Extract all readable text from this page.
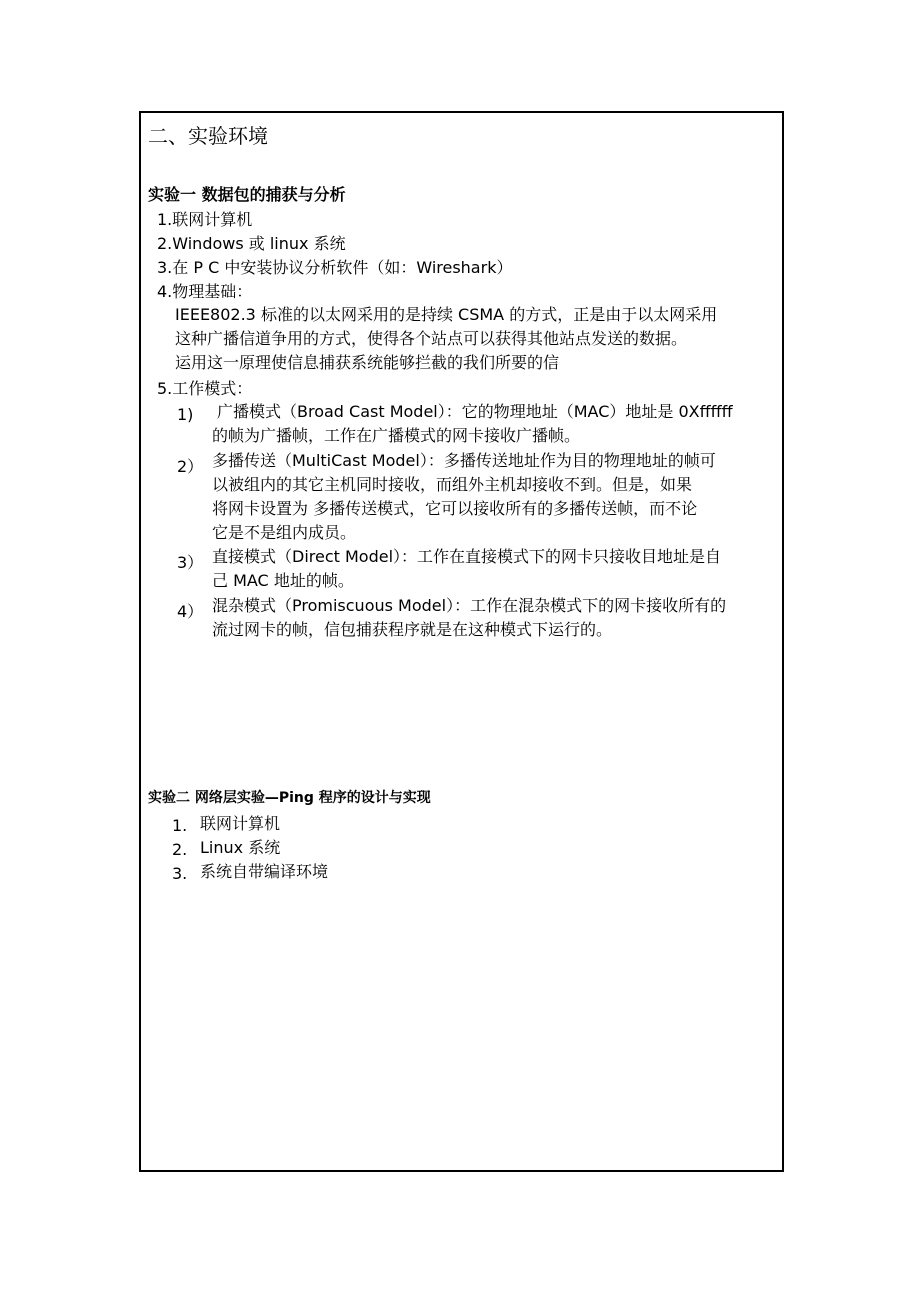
二、实验环境
实验一 数据包的捕获与分析
1.联网计算机
2.Windows 或 linux 系统
3.在 P C 中安装协议分析软件（如：Wireshark）
4.物理基础：
IEEE802.3 标准的以太网采用的是持续 CSMA 的方式，正是由于以太网采用
这种广播信道争用的方式，使得各个站点可以获得其他站点发送的数据。
运用这一原理使信息捕获系统能够拦截的我们所要的信
5.工作模式：
1) 广播模式（Broad Cast Model）：它的物理地址（MAC）地址是 0Xffffff
的帧为广播帧，工作在广播模式的网卡接收广播帧。
2） 多播传送（MultiCast Model）：多播传送地址作为目的物理地址的帧可
以被组内的其它主机同时接收，而组外主机却接收不到。但是，如果
将网卡设置为 多播传送模式，它可以接收所有的多播传送帧，而不论
它是不是组内成员。
3） 直接模式（Direct Model）：工作在直接模式下的网卡只接收目地址是自
己 MAC 地址的帧。
4） 混杂模式（Promiscuous Model）：工作在混杂模式下的网卡接收所有的
流过网卡的帧，信包捕获程序就是在这种模式下运行的。
实验二 网络层实验—Ping 程序的设计与实现
1. 联网计算机
2. Linux 系统
3. 系统自带编译环境
